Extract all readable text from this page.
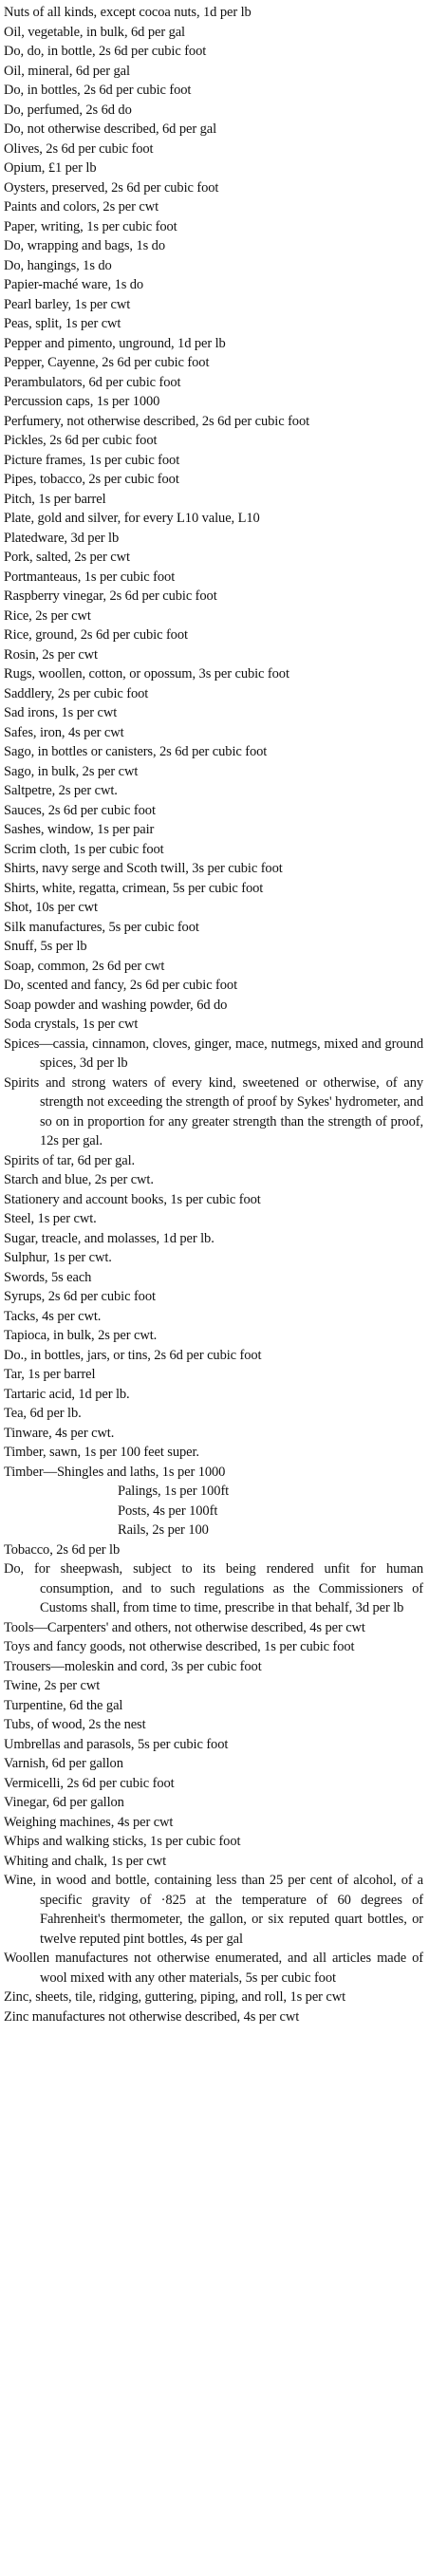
Nuts of all kinds, except cocoa nuts, 1d per lb

Oil, vegetable, in bulk, 6d per gal

Do, do, in bottle, 2s 6d per cubic foot

Oil, mineral, 6d per gal

Do, in bottles, 2s 6d per cubic foot

Do, perfumed, 2s 6d do

Do, not otherwise described, 6d per gal

Olives, 2s 6d per cubic foot

Opium, £1 per lb

Oysters, preserved, 2s 6d per cubic foot

Paints and colors, 2s per cwt

Paper, writing, 1s per cubic foot

Do, wrapping and bags, 1s do

Do, hangings, 1s do

Papier-maché ware, 1s do

Pearl barley, 1s per cwt

Peas, split, 1s per cwt

Pepper and pimento, unground, 1d per lb

Pepper, Cayenne, 2s 6d per cubic foot

Perambulators, 6d per cubic foot

Percussion caps, 1s per 1000

Perfumery, not otherwise described, 2s 6d per cubic foot

Pickles, 2s 6d per cubic foot

Picture frames, 1s per cubic foot

Pipes, tobacco, 2s per cubic foot

Pitch, 1s per barrel

Plate, gold and silver, for every L10 value, L10

Platedware, 3d per lb

Pork, salted, 2s per cwt

Portmanteaus, 1s per cubic foot

Raspberry vinegar, 2s 6d per cubic foot

Rice, 2s per cwt

Rice, ground, 2s 6d per cubic foot

Rosin, 2s per cwt

Rugs, woollen, cotton, or opossum, 3s per cubic foot

Saddlery, 2s per cubic foot

Sad irons, 1s per cwt

Safes, iron, 4s per cwt

Sago, in bottles or canisters, 2s 6d per cubic foot

Sago, in bulk, 2s per cwt

Saltpetre, 2s per cwt.

Sauces, 2s 6d per cubic foot

Sashes, window, 1s per pair

Scrim cloth, 1s per cubic foot

Shirts, navy serge and Scoth twill, 3s per cubic foot

Shirts, white, regatta, crimean, 5s per cubic foot

Shot, 10s per cwt

Silk manufactures, 5s per cubic foot

Snuff, 5s per lb

Soap, common, 2s 6d per cwt

Do, scented and fancy, 2s 6d per cubic foot

Soap powder and washing powder, 6d do

Soda crystals, 1s per cwt

Spices—cassia, cinnamon, cloves, ginger, mace, nutmegs, mixed and ground spices, 3d per lb

Spirits and strong waters of every kind, sweetened or otherwise, of any strength not exceeding the strength of proof by Sykes' hydrometer, and so on in proportion for any greater strength than the strength of proof, 12s per gal.

Spirits of tar, 6d per gal.

Starch and blue, 2s per cwt.

Stationery and account books, 1s per cubic foot

Steel, 1s per cwt.

Sugar, treacle, and molasses, 1d per lb.

Sulphur, 1s per cwt.

Swords, 5s each

Syrups, 2s 6d per cubic foot

Tacks, 4s per cwt.

Tapioca, in bulk, 2s per cwt.

Do., in bottles, jars, or tins, 2s 6d per cubic foot

Tar, 1s per barrel

Tartaric acid, 1d per lb.

Tea, 6d per lb.

Tinware, 4s per cwt.

Timber, sawn, 1s per 100 feet super.

Timber—Shingles and laths, 1s per 1000

Palings, 1s per 100ft

Posts, 4s per 100ft

Rails, 2s per 100

Tobacco, 2s 6d per lb

Do, for sheepwash, subject to its being rendered unfit for human consumption, and to such regulations as the Commissioners of Customs shall, from time to time, prescribe in that behalf, 3d per lb

Tools—Carpenters' and others, not otherwise described, 4s per cwt

Toys and fancy goods, not otherwise described, 1s per cubic foot

Trousers—moleskin and cord, 3s per cubic foot

Twine, 2s per cwt

Turpentine, 6d the gal

Tubs, of wood, 2s the nest

Umbrellas and parasols, 5s per cubic foot

Varnish, 6d per gallon

Vermicelli, 2s 6d per cubic foot

Vinegar, 6d per gallon

Weighing machines, 4s per cwt

Whips and walking sticks, 1s per cubic foot

Whiting and chalk, 1s per cwt

Wine, in wood and bottle, containing less than 25 per cent of alcohol, of a specific gravity of ·825 at the temperature of 60 degrees of Fahrenheit's thermometer, the gallon, or six reputed quart bottles, or twelve reputed pint bottles, 4s per gal

Woollen manufactures not otherwise enumerated, and all articles made of wool mixed with any other materials, 5s per cubic foot

Zinc, sheets, tile, ridging, guttering, piping, and roll, 1s per cwt

Zinc manufactures not otherwise described, 4s per cwt
